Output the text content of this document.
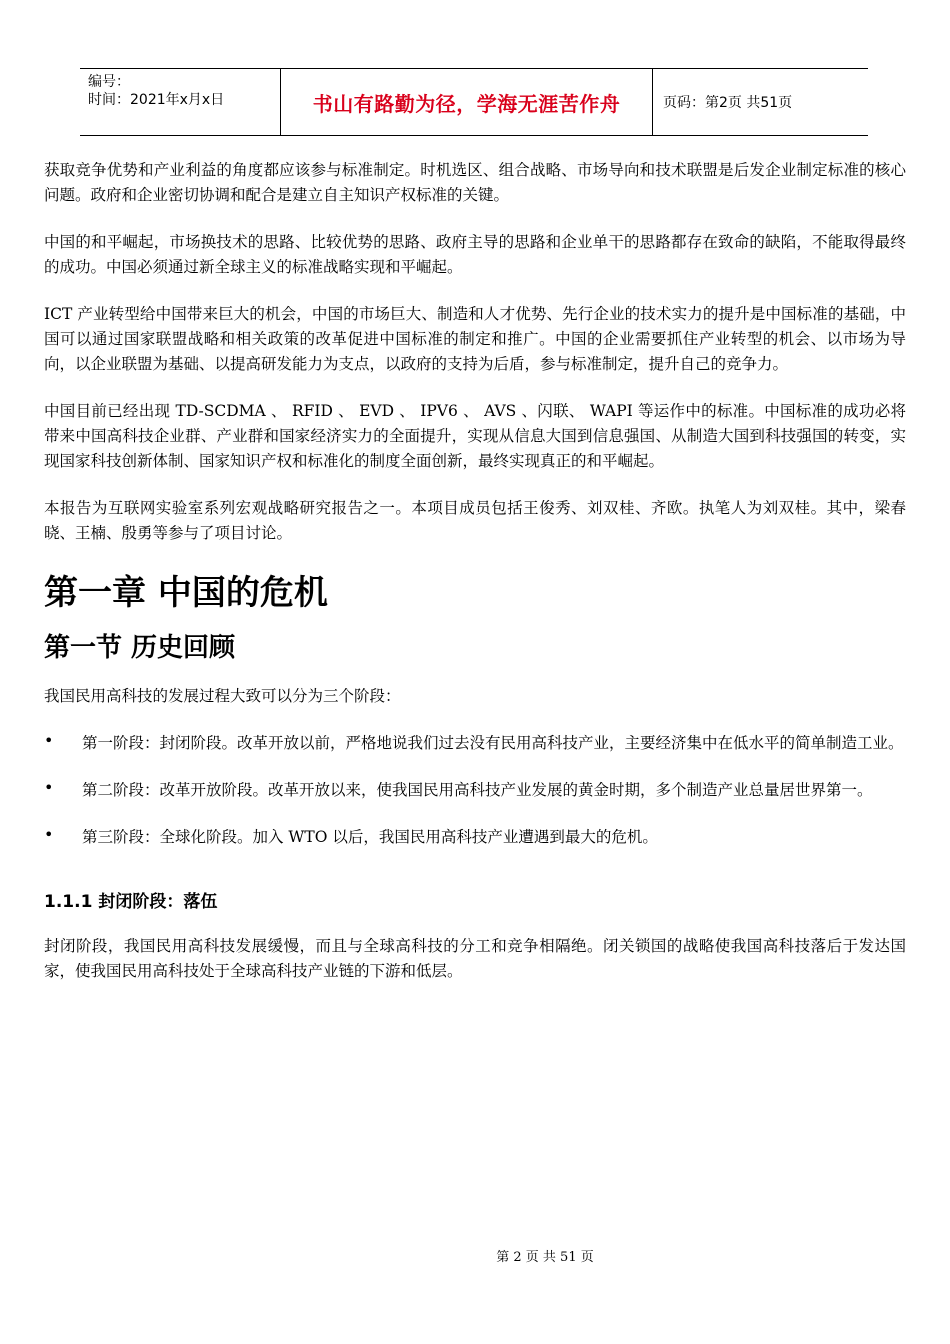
编号：
时间：2021年x月x日	书山有路勤为径，学海无涯苦作舟	页码：第2页 共51页

获取竞争优势和产业利益的角度都应该参与标准制定。时机选区、组合战略、市场导向和技术联盟是后发企业制定标准的核心问题。政府和企业密切协调和配合是建立自主知识产权标准的关键。

中国的和平崛起，市场换技术的思路、比较优势的思路、政府主导的思路和企业单干的思路都存在致命的缺陷，不能取得最终的成功。中国必须通过新全球主义的标准战略实现和平崛起。

ICT 产业转型给中国带来巨大的机会，中国的市场巨大、制造和人才优势、先行企业的技术实力的提升是中国标准的基础，中国可以通过国家联盟战略和相关政策的改革促进中国标准的制定和推广。中国的企业需要抓住产业转型的机会、以市场为导向，以企业联盟为基础、以提高研发能力为支点，以政府的支持为后盾，参与标准制定，提升自己的竞争力。

中国目前已经出现 TD-SCDMA 、 RFID 、 EVD 、 IPV6 、 AVS 、闪联、 WAPI 等运作中的标准。中国标准的成功必将带来中国高科技企业群、产业群和国家经济实力的全面提升，实现从信息大国到信息强国、从制造大国到科技强国的转变，实现国家科技创新体制、国家知识产权和标准化的制度全面创新，最终实现真正的和平崛起。

本报告为互联网实验室系列宏观战略研究报告之一。本项目成员包括王俊秀、刘双桂、齐欧。执笔人为刘双桂。其中，梁春晓、王楠、殷勇等参与了项目讨论。

第一章 中国的危机
第一节 历史回顾

我国民用高科技的发展过程大致可以分为三个阶段：

•	第一阶段：封闭阶段。改革开放以前，严格地说我们过去没有民用高科技产业，主要经济集中在低水平的简单制造工业。

•	第二阶段：改革开放阶段。改革开放以来，使我国民用高科技产业发展的黄金时期，多个制造产业总量居世界第一。

•	第三阶段：全球化阶段。加入 WTO 以后，我国民用高科技产业遭遇到最大的危机。

1.1.1 封闭阶段：落伍

封闭阶段，我国民用高科技发展缓慢，而且与全球高科技的分工和竞争相隔绝。闭关锁国的战略使我国高科技落后于发达国家，使我国民用高科技处于全球高科技产业链的下游和低层。

第 2 页 共 51 页
